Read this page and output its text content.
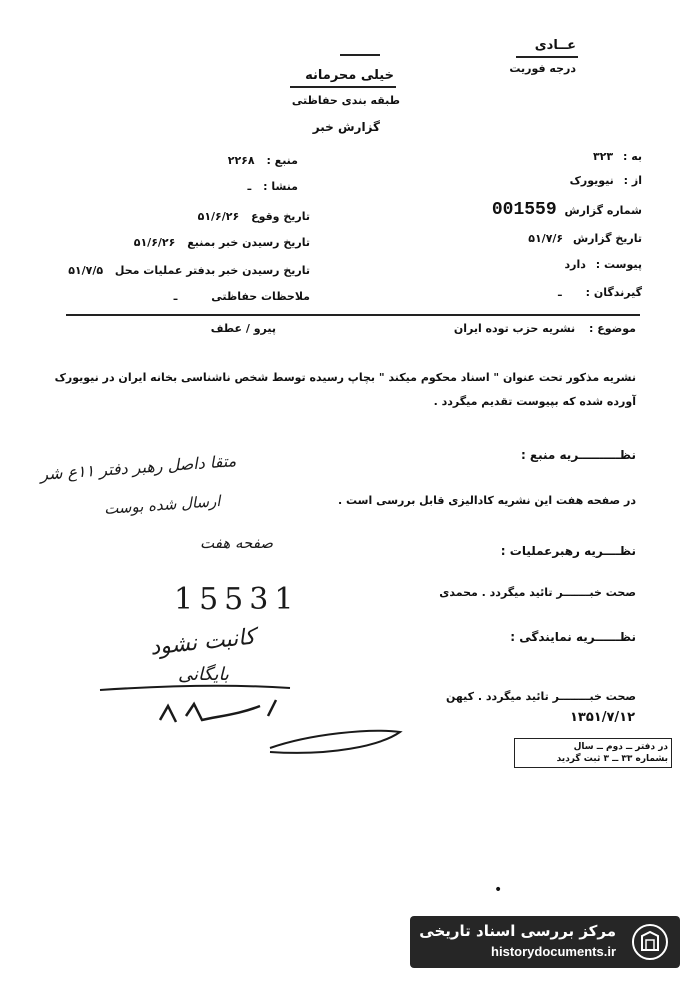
عــادی
درجه فوریت
خیلی محرمانه
طبقه بندی حفاظتی
گزارش خبر
منبع : ۲۲۶۸
منشا : ـ
تاریخ وقوع ۵۱/۶/۲۶
تاریخ رسیدن خبر بمنبع ۵۱/۶/۲۶
تاریخ رسیدن خبر بدفتر عملیات محل ۵۱/۷/۵
ملاحظات حفاظتی ـ
به : ۳۲۳
از : نیویورک
شماره گزارش 001559
تاریخ گزارش ۵۱/۷/۶
پیوست : دارد
گیرندگان : ـ
موضوع : نشریه حزب توده ایران
پیرو / عطف
نشریه مذکور تحت عنوان " اسناد محکوم میکند " بچاپ رسیده توسط شخص ناشناسی بخانه ایران در نیویورک آورده شده که بپیوست تقدیم میگردد .
نظــــــــــریه منبع :
در صفحه هفت این نشریه کادالیزی قابل بررسی است .
متقا داصل رهبر دفتر ۱۱ع شر
ارسال شده بوست
صفحه هفت
15531
نظــــریه رهبرعملیات :
صحت خبـــــــر تائید میگردد . محمدی
نظــــــریه نمایندگی :
صحت خبــــــــر تائید میگردد . کیهن
۱۳۵۱/۷/۱۲
کانبت نشود
بایگانی
در دفتر ــ دوم ــ سال
بشماره ۳۳ ــ ۳ ثبت گردید
•
مرکز بررسی اسناد تاریخی
historydocuments.ir
